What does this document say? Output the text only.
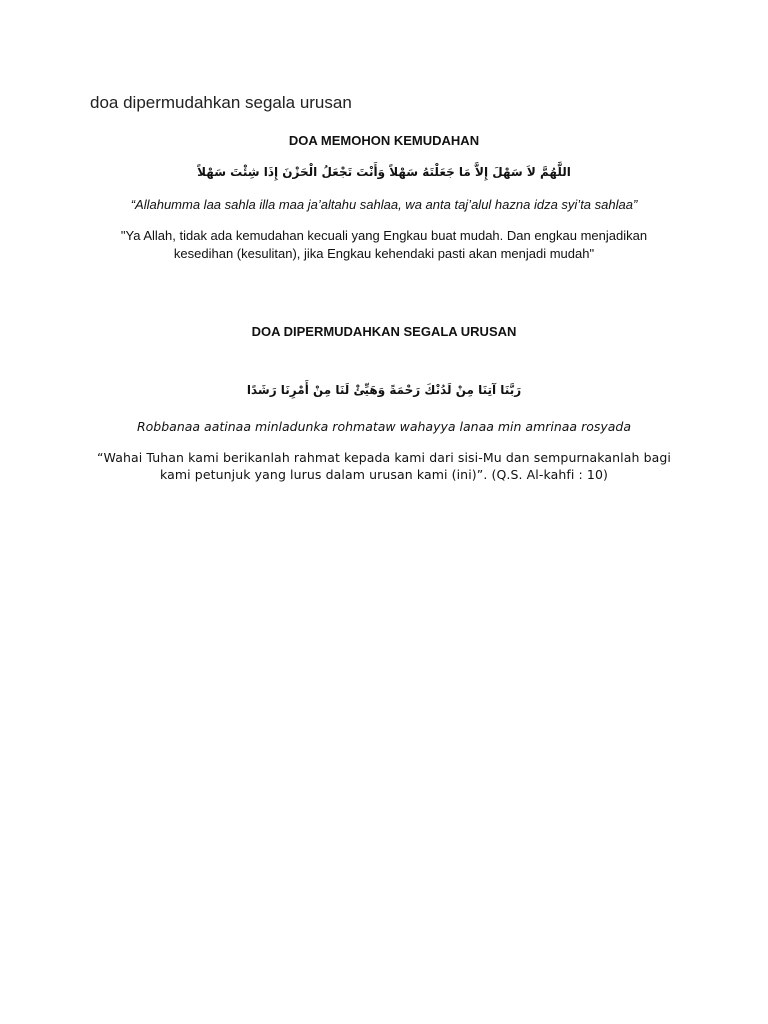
doa dipermudahkan segala urusan
DOA MEMOHON KEMUDAHAN
اللَّهُمَّ لاَ سَهْلَ إِلاَّ مَا جَعَلْتَهُ سَهْلاً وَأَنْتَ تَجْعَلُ الْحَزْنَ إِذَا شِئْتَ سَهْلاً
“Allahumma laa sahla illa maa ja’altahu sahlaa, wa anta taj’alul hazna idza syi’ta sahlaa”
"Ya Allah, tidak ada kemudahan kecuali yang Engkau buat mudah. Dan engkau menjadikan
kesedihan (kesulitan), jika Engkau kehendaki pasti akan menjadi mudah"
DOA DIPERMUDAHKAN SEGALA URUSAN
رَبَّنَا آتِنَا مِنْ لَدُنْكَ رَحْمَةً وَهَيِّئْ لَنَا مِنْ أَمْرِنَا رَشَدًا
Robbanaa aatinaa minladunka rohmataw wahayya lanaa min amrinaa rosyada
“Wahai Tuhan kami berikanlah rahmat kepada kami dari sisi-Mu dan sempurnakanlah bagi
kami petunjuk yang lurus dalam urusan kami (ini)”. (Q.S. Al-kahfi : 10)
